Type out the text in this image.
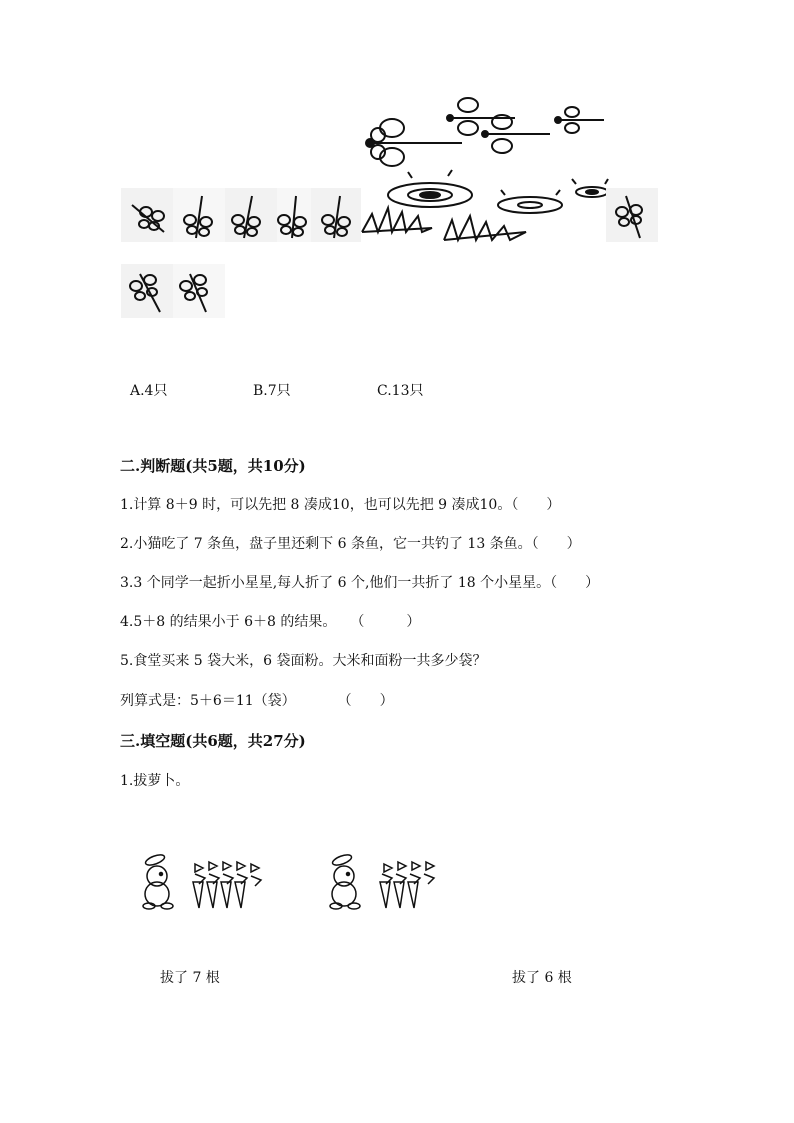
A.4只	B.7只	C.13只
二.判断题(共5题，共10分)
1.计算 8＋9 时，可以先把 8 凑成10，也可以先把 9 凑成10。（　　）
2.小猫吃了 7 条鱼，盘子里还剩下 6 条鱼，它一共钓了 13 条鱼。（　　）
3.3 个同学一起折小星星,每人折了 6 个,他们一共折了 18 个小星星。（　　）
4.5＋8 的结果小于 6＋8 的结果。　　（　　　）
5.食堂买来 5 袋大米，6 袋面粉。大米和面粉一共多少袋？
列算式是：5＋6＝11（袋）　　　　（　　）
三.填空题(共6题，共27分)
1.拔萝卜。
拔了 7 根	拔了 6 根
